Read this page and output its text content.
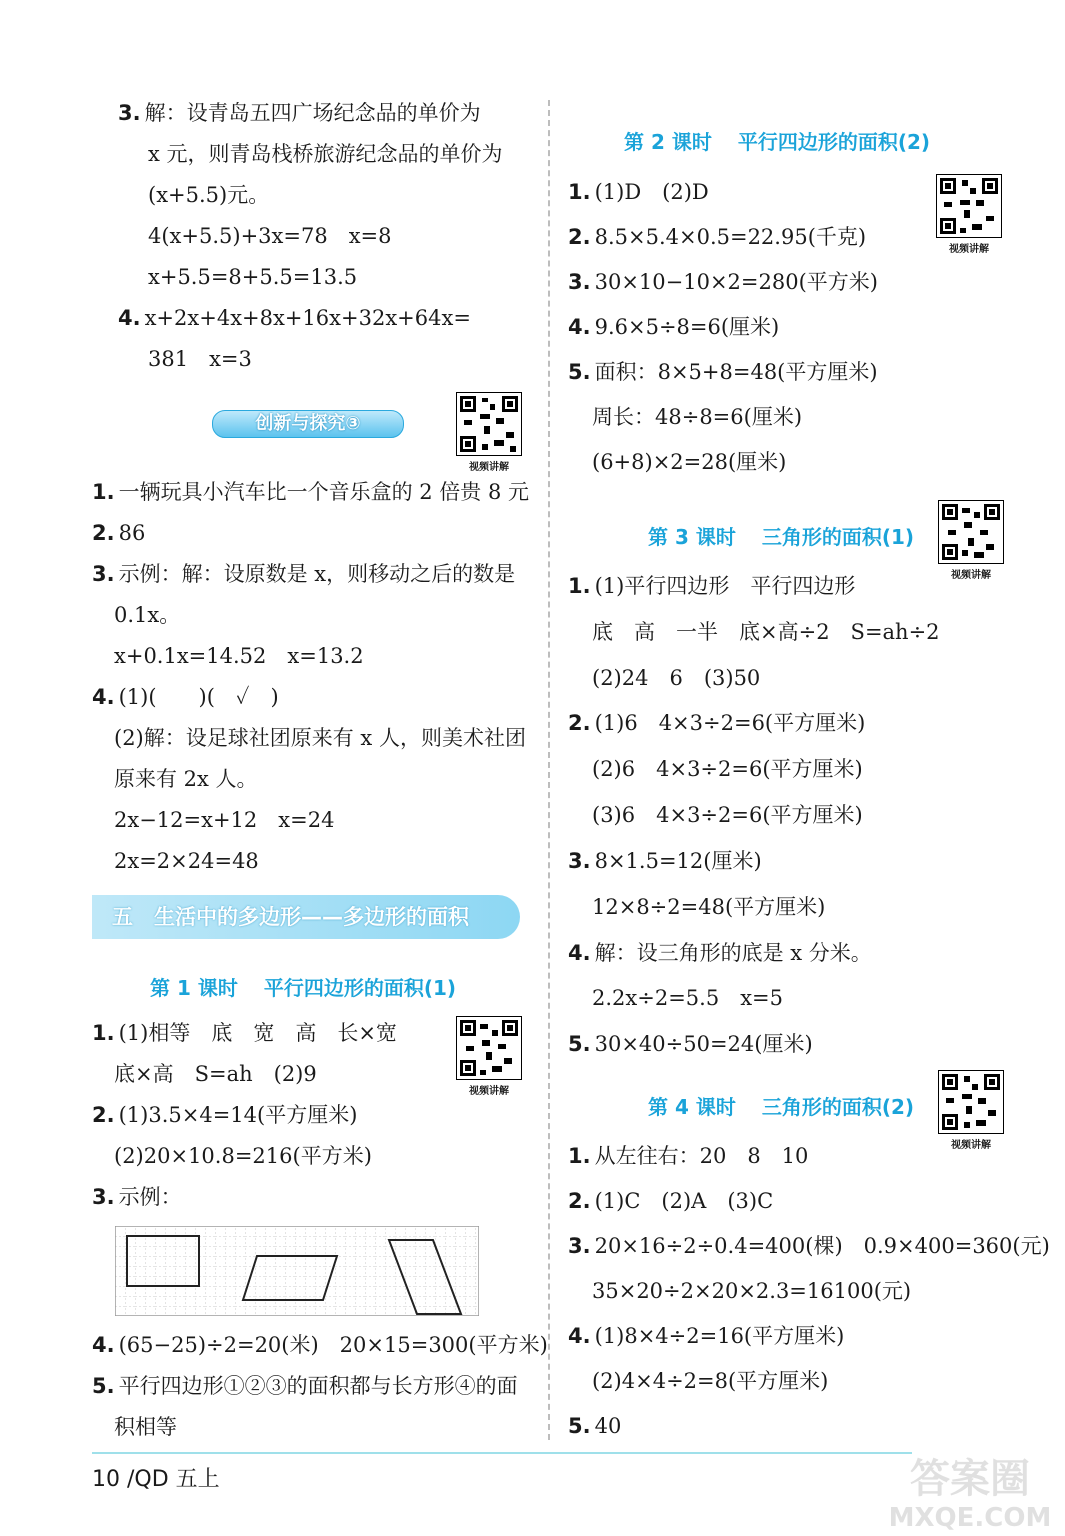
3. 解：设青岛五四广场纪念品的单价为
x 元，则青岛栈桥旅游纪念品的单价为
(x+5.5)元。
4(x+5.5)+3x=78　x=8
x+5.5=8+5.5=13.5
4. x+2x+4x+8x+16x+32x+64x=
381　x=3
创新与探究③
视频讲解
1. 一辆玩具小汽车比一个音乐盒的 2 倍贵 8 元
2. 86
3. 示例：解：设原数是 x，则移动之后的数是
0.1x。
x+0.1x=14.52　x=13.2
4. (1)(　　)(　✓　)
(2)解：设足球社团原来有 x 人，则美术社团
原来有 2x 人。
2x−12=x+12　x=24
2x=2×24=48
五　生活中的多边形——多边形的面积
第 1 课时 平行四边形的面积(1)
1. (1)相等　底　宽　高　长×宽
底×高　S=ah　(2)9
视频讲解
2. (1)3.5×4=14(平方厘米)
(2)20×10.8=216(平方米)
3. 示例：
4. (65−25)÷2=20(米)　20×15=300(平方米)
5. 平行四边形①②③的面积都与长方形④的面
积相等
第 2 课时 平行四边形的面积(2)
1. (1)D　(2)D
视频讲解
2. 8.5×5.4×0.5=22.95(千克)
3. 30×10−10×2=280(平方米)
4. 9.6×5÷8=6(厘米)
5. 面积：8×5+8=48(平方厘米)
周长：48÷8=6(厘米)
(6+8)×2=28(厘米)
第 3 课时 三角形的面积(1)
视频讲解
1. (1)平行四边形　平行四边形
底　高　一半　底×高÷2　S=ah÷2
(2)24　6　(3)50
2. (1)6　4×3÷2=6(平方厘米)
(2)6　4×3÷2=6(平方厘米)
(3)6　4×3÷2=6(平方厘米)
3. 8×1.5=12(厘米)
12×8÷2=48(平方厘米)
4. 解：设三角形的底是 x 分米。
2.2x÷2=5.5　x=5
5. 30×40÷50=24(厘米)
第 4 课时 三角形的面积(2)
视频讲解
1. 从左往右：20　8　10
2. (1)C　(2)A　(3)C
3. 20×16÷2÷0.4=400(棵)　0.9×400=360(元)
35×20÷2×20×2.3=16100(元)
4. (1)8×4÷2=16(平方厘米)
(2)4×4÷2=8(平方厘米)
5. 40
10 /QD 五上	答案圈
MXQE.COM
